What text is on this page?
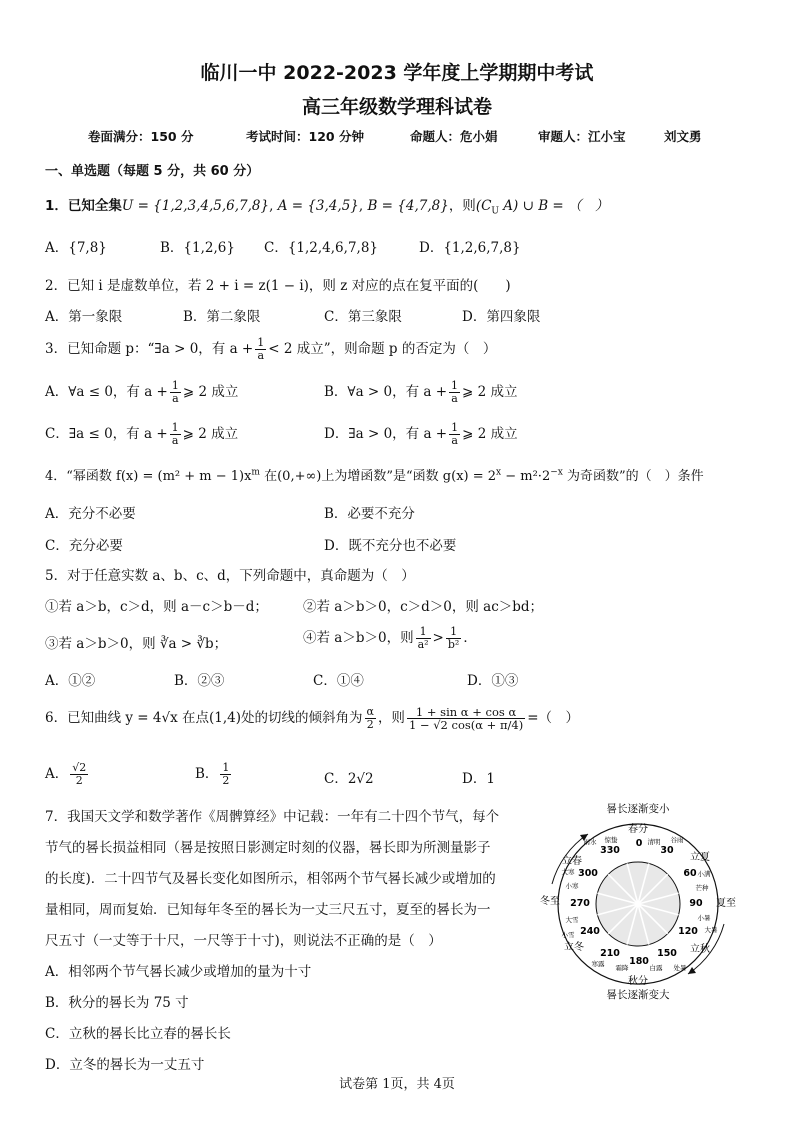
临川一中 2022-2023 学年度上学期期中考试
高三年级数学理科试卷
卷面满分：150 分	考试时间：120 分钟	命题人：危小娟	审题人：江小宝	刘文勇
一、单选题（每题 5 分，共 60 分）
1．已知全集U = {1,2,3,4,5,6,7,8}, A = {3,4,5}, B = {4,7,8}，则($C_U$ A) ∪ B = （　）
A．{7,8}	B．{1,2,6} C．{1,2,4,6,7,8}	D．{1,2,6,7,8}
2．已知 i 是虚数单位，若 2 + i = z(1 − i)，则 z 对应的点在复平面的(　　)
A．第一象限	B．第二象限	C．第三象限	D．第四象限
3．已知命题 p：“∃a > 0，有 $a + \frac{1}{a} < 2$ 成立”，则命题 p 的否定为（　）
A．∀a ≤ 0，有 $a + \frac{1}{a}$ ⩾ 2 成立	B．∀a > 0，有 $a + \frac{1}{a}$ ⩾ 2 成立
C．∃a ≤ 0，有 $a + \frac{1}{a}$ ⩾ 2 成立	D．∃a > 0，有 $a + \frac{1}{a}$ ⩾ 2 成立
4．“幂函数 $f(x) = (m^2 + m - 1)x^m$ 在(0,+∞)上为增函数”是“函数 $g(x) = 2^x - m^2\cdot 2^{-x}$ 为奇函数”的（　）条件
A．充分不必要	B．必要不充分
C．充分必要	D．既不充分也不必要
5．对于任意实数 a、b、c、d，下列命题中，真命题为（　）
①若 a＞b，c＞d，则 a－c＞b－d；	②若 a＞b＞0，c＞d＞0，则 ac＞bd；
③若 a＞b＞0，则 ∛a > ∛b；	④若 a＞b＞0，则 $\frac{1}{\text{a²}} > \frac{1}{\text{b²}}$ ．
A．①②	B．②③	C．①④	D．①③
6．已知曲线 y = 4√x 在点(1,4)处的切线的倾斜角为 $\frac{\alpha}{2}$ ，则 $\frac{\text{1 + sin α + cos α}}{1 - √2 \cos(\alpha + \pi/4)}$ =（　）
A． $\frac{√2}{2}$	B． $\frac{1}{2}$	C．2√2	D．1
7．我国天文学和数学著作《周髀算经》中记载：一年有二十四个节气，每个
节气的晷长损益相同（晷是按照日影测定时刻的仪器，晷长即为所测量影子
的长度)．二十四节气及晷长变化如图所示，相邻两个节气晷长减少或增加的
量相同，周而复始．已知每年冬至的晷长为一丈三尺五寸，夏至的晷长为一
尺五寸（一丈等于十尺，一尺等于十寸)，则说法不正确的是（　）
A．相邻两个节气晷长减少或增加的量为十寸
B．秋分的晷长为 75 寸
C．立秋的晷长比立春的晷长长
D．立冬的晷长为一丈五寸
晷长逐渐变小
晷长逐渐变大
春分
秋分
夏至
冬至
立春	立夏
立秋
立冬
雨水 惊蛰	清明 谷雨
小满
芒种
小暑
大暑
处暑
白露
寒露 霜降
小雪
大雪
小寒
大寒
0
30
60
90
120
150
180
210
240
270
300
330
试卷第 1页，共 4页
